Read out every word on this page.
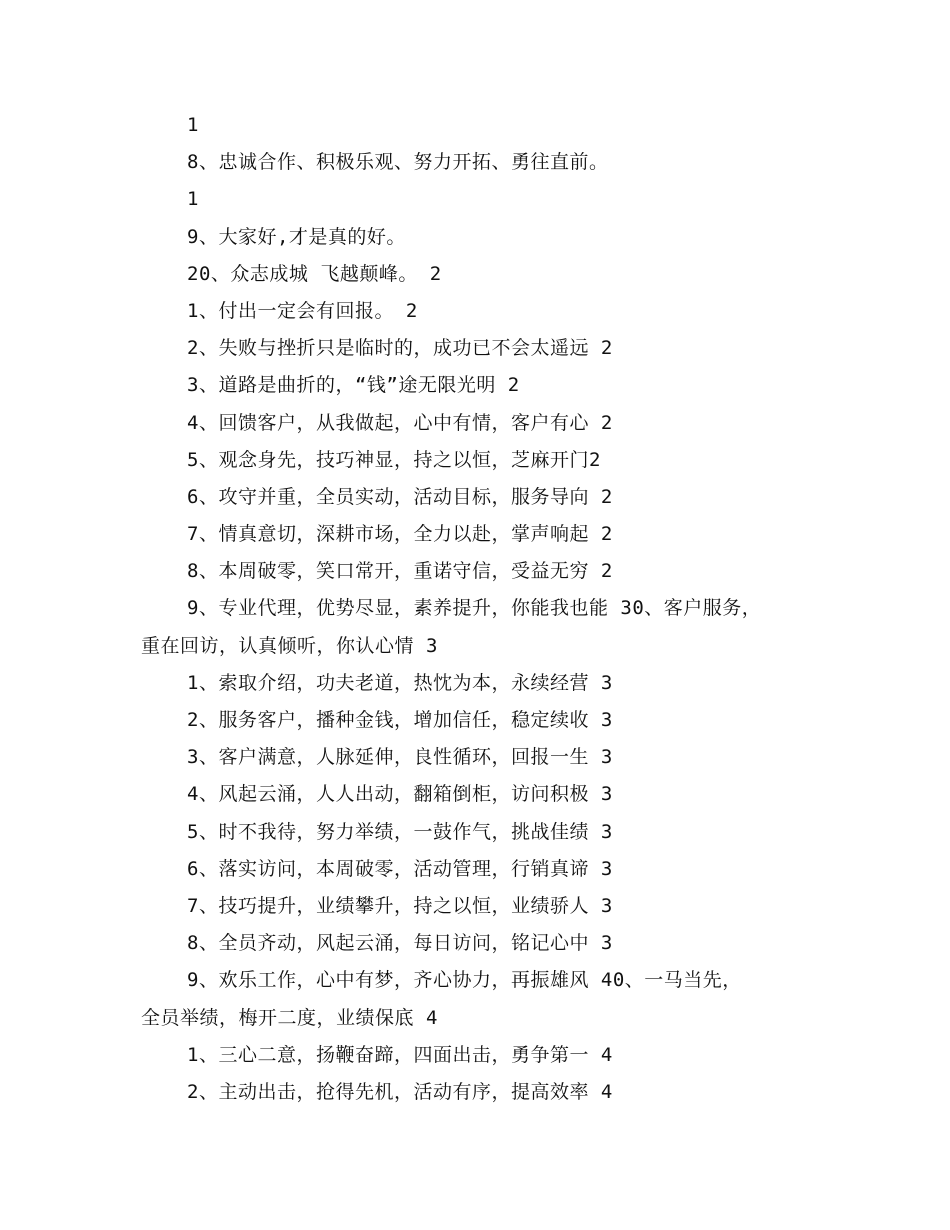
1
8、忠诚合作、积极乐观、努力开拓、勇往直前。
1
9、大家好,才是真的好。
20、众志成城 飞越颠峰。 2
1、付出一定会有回报。 2
2、失败与挫折只是临时的，成功已不会太遥远 2
3、道路是曲折的，“钱”途无限光明 2
4、回馈客户，从我做起，心中有情，客户有心 2
5、观念身先，技巧神显，持之以恒，芝麻开门2
6、攻守并重，全员实动，活动目标，服务导向 2
7、情真意切，深耕市场，全力以赴，掌声响起 2
8、本周破零，笑口常开，重诺守信，受益无穷 2
9、专业代理，优势尽显，素养提升，你能我也能 30、客户服务，
重在回访，认真倾听，你认心情 3
1、索取介绍，功夫老道，热忱为本，永续经营 3
2、服务客户，播种金钱，增加信任，稳定续收 3
3、客户满意，人脉延伸，良性循环，回报一生 3
4、风起云涌，人人出动，翻箱倒柜，访问积极 3
5、时不我待，努力举绩，一鼓作气，挑战佳绩 3
6、落实访问，本周破零，活动管理，行销真谛 3
7、技巧提升，业绩攀升，持之以恒，业绩骄人 3
8、全员齐动，风起云涌，每日访问，铭记心中 3
9、欢乐工作，心中有梦，齐心协力，再振雄风 40、一马当先，
全员举绩，梅开二度，业绩保底 4
1、三心二意，扬鞭奋蹄，四面出击，勇争第一 4
2、主动出击，抢得先机，活动有序，提高效率 4
